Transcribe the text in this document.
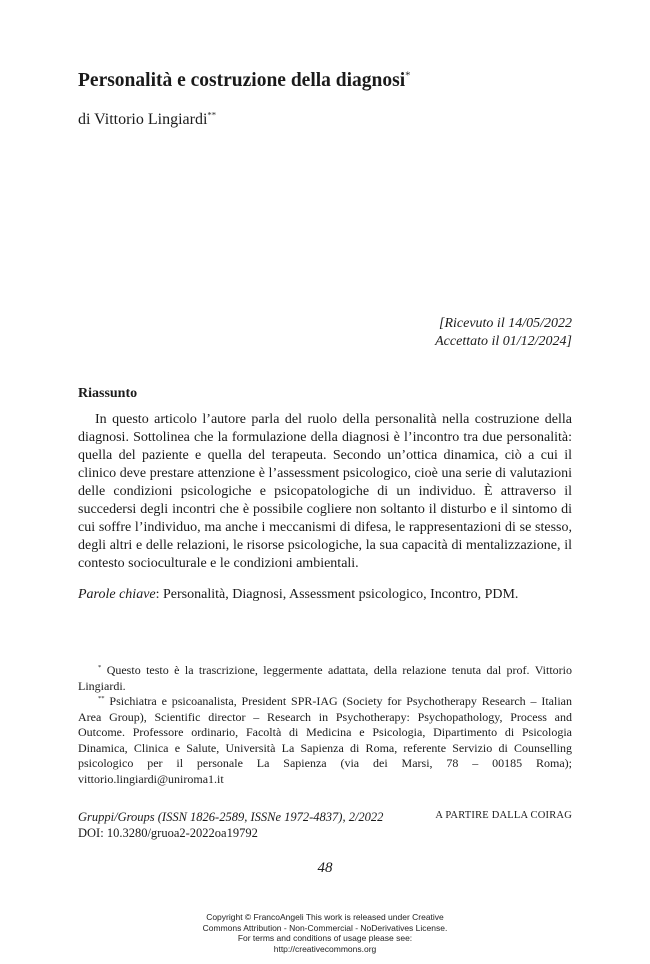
Personalità e costruzione della diagnosi*
di Vittorio Lingiardi**
[Ricevuto il 14/05/2022
Accettato il 01/12/2024]
Riassunto

In questo articolo l’autore parla del ruolo della personalità nella costruzione della diagnosi. Sottolinea che la formulazione della diagnosi è l’incontro tra due personalità: quella del paziente e quella del terapeuta. Secondo un’ottica dinamica, ciò a cui il clinico deve prestare attenzione è l’assessment psicologico, cioè una serie di valutazioni delle condizioni psicologiche e psicopatologiche di un individuo. È attraverso il succedersi degli incontri che è possibile cogliere non soltanto il disturbo e il sintomo di cui soffre l’individuo, ma anche i meccanismi di difesa, le rappresentazioni di se stesso, degli altri e delle relazioni, le risorse psicologiche, la sua capacità di mentalizzazione, il contesto socioculturale e le condizioni ambientali.

Parole chiave: Personalità, Diagnosi, Assessment psicologico, Incontro, PDM.

* Questo testo è la trascrizione, leggermente adattata, della relazione tenuta dal prof. Vittorio Lingiardi.

** Psichiatra e psicoanalista, President SPR-IAG (Society for Psychotherapy Research – Italian Area Group), Scientific director – Research in Psychotherapy: Psychopathology, Process and Outcome. Professore ordinario, Facoltà di Medicina e Psicologia, Dipartimento di Psicologia Dinamica, Clinica e Salute, Università La Sapienza di Roma, referente Servizio di Counselling psicologico per il personale La Sapienza (via dei Marsi, 78 – 00185 Roma); vittorio.lingiardi@uniroma1.it

Gruppi/Groups (ISSN 1826-2589, ISSNe 1972-4837), 2/2022
DOI: 10.3280/gruoa2-2022oa19792
A PARTIRE DALLA COIRAG
48
Copyright © FrancoAngeli This work is released under Creative
Commons Attribution - Non-Commercial - NoDerivatives License.
For terms and conditions of usage please see:
http://creativecommons.org
